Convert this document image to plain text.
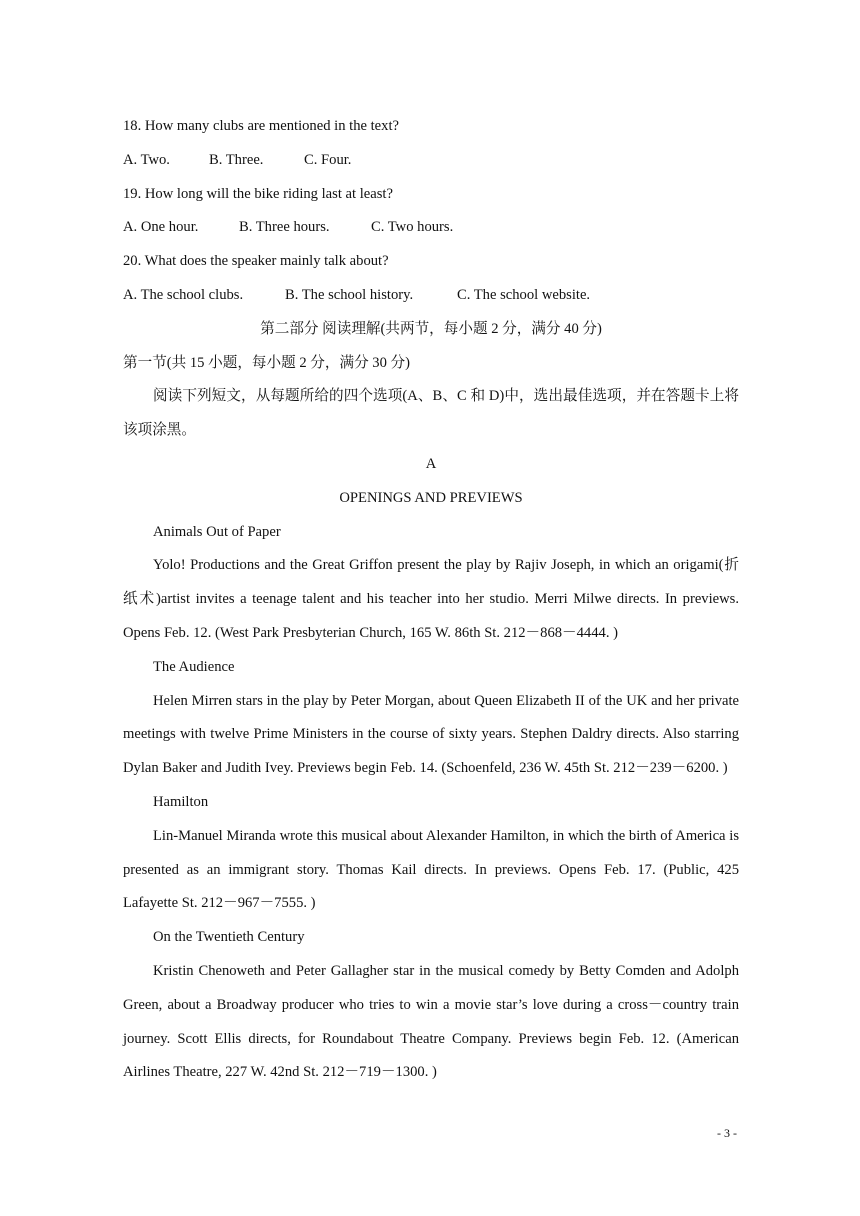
18. How many clubs are mentioned in the text?

A. Two.	B. Three.	C. Four.

19. How long will the bike riding last at least?

A. One hour.	B. Three hours.	C. Two hours.

20. What does the speaker mainly talk about?

A. The school clubs.	B. The school history.	C. The school website.

第二部分 阅读理解(共两节，每小题 2 分，满分 40 分)

第一节(共 15 小题，每小题 2 分，满分 30 分)

阅读下列短文，从每题所给的四个选项(A、B、C 和 D)中，选出最佳选项，并在答题卡上将该项涂黑。

A

OPENINGS AND PREVIEWS

Animals Out of Paper

Yolo! Productions and the Great Griffon present the play by Rajiv Joseph, in which an origami(折纸术)artist invites a teenage talent and his teacher into her studio. Merri Milwe directs. In previews. Opens Feb. 12. (West Park Presbyterian Church, 165 W. 86th St. 212－868－4444. )

The Audience

Helen Mirren stars in the play by Peter Morgan, about Queen Elizabeth II of the UK and her private meetings with twelve Prime Ministers in the course of sixty years. Stephen Daldry directs. Also starring Dylan Baker and Judith Ivey. Previews begin Feb. 14. (Schoenfeld, 236 W. 45th St. 212－239－6200. )

Hamilton

Lin-Manuel Miranda wrote this musical about Alexander Hamilton, in which the birth of America is presented as an immigrant story. Thomas Kail directs. In previews. Opens Feb. 17. (Public, 425 Lafayette St. 212－967－7555. )

On the Twentieth Century

Kristin Chenoweth and Peter Gallagher star in the musical comedy by Betty Comden and Adolph Green, about a Broadway producer who tries to win a movie star’s love during a cross－country train journey. Scott Ellis directs, for Roundabout Theatre Company. Previews begin Feb. 12. (American Airlines Theatre, 227 W. 42nd St. 212－719－1300. )

- 3 -
